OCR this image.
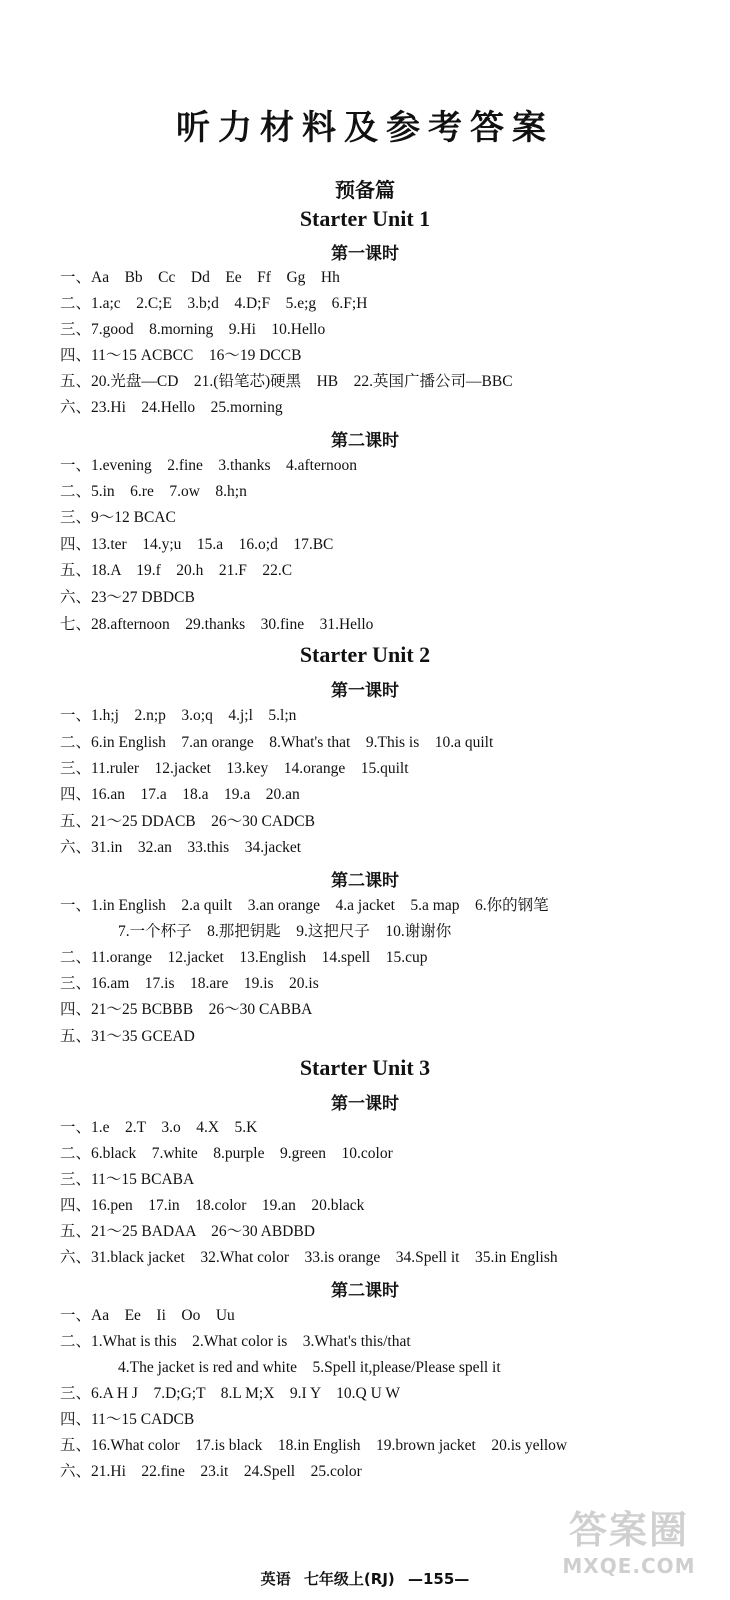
听力材料及参考答案
预备篇
Starter Unit 1
第一课时
一、Aa　Bb　Cc　Dd　Ee　Ff　Gg　Hh
二、1.a;c　2.C;E　3.b;d　4.D;F　5.e;g　6.F;H
三、7.good　8.morning　9.Hi　10.Hello
四、11～15 ACBCC　16～19 DCCB
五、20.光盘—CD　21.(铅笔芯)硬黑　HB　22.英国广播公司—BBC
六、23.Hi　24.Hello　25.morning
第二课时
一、1.evening　2.fine　3.thanks　4.afternoon
二、5.in　6.re　7.ow　8.h;n
三、9～12 BCAC
四、13.ter　14.y;u　15.a　16.o;d　17.BC
五、18.A　19.f　20.h　21.F　22.C
六、23～27 DBDCB
七、28.afternoon　29.thanks　30.fine　31.Hello
Starter Unit 2
第一课时
一、1.h;j　2.n;p　3.o;q　4.j;l　5.l;n
二、6.in English　7.an orange　8.What's that　9.This is　10.a quilt
三、11.ruler　12.jacket　13.key　14.orange　15.quilt
四、16.an　17.a　18.a　19.a　20.an
五、21～25 DDACB　26～30 CADCB
六、31.in　32.an　33.this　34.jacket
第二课时
一、1.in English　2.a quilt　3.an orange　4.a jacket　5.a map　6.你的钢笔
7.一个杯子　8.那把钥匙　9.这把尺子　10.谢谢你
二、11.orange　12.jacket　13.English　14.spell　15.cup
三、16.am　17.is　18.are　19.is　20.is
四、21～25 BCBBB　26～30 CABBA
五、31～35 GCEAD
Starter Unit 3
第一课时
一、1.e　2.T　3.o　4.X　5.K
二、6.black　7.white　8.purple　9.green　10.color
三、11～15 BCABA
四、16.pen　17.in　18.color　19.an　20.black
五、21～25 BADAA　26～30 ABDBD
六、31.black jacket　32.What color　33.is orange　34.Spell it　35.in English
第二课时
一、Aa　Ee　Ii　Oo　Uu
二、1.What is this　2.What color is　3.What's this/that
4.The jacket is red and white　5.Spell it,please/Please spell it
三、6.A H J　7.D;G;T　8.L M;X　9.I Y　10.Q U W
四、11～15 CADCB
五、16.What color　17.is black　18.in English　19.brown jacket　20.is yellow
六、21.Hi　22.fine　23.it　24.Spell　25.color
答案圈
MXQE.COM
英语 七年级上(RJ) —155—
